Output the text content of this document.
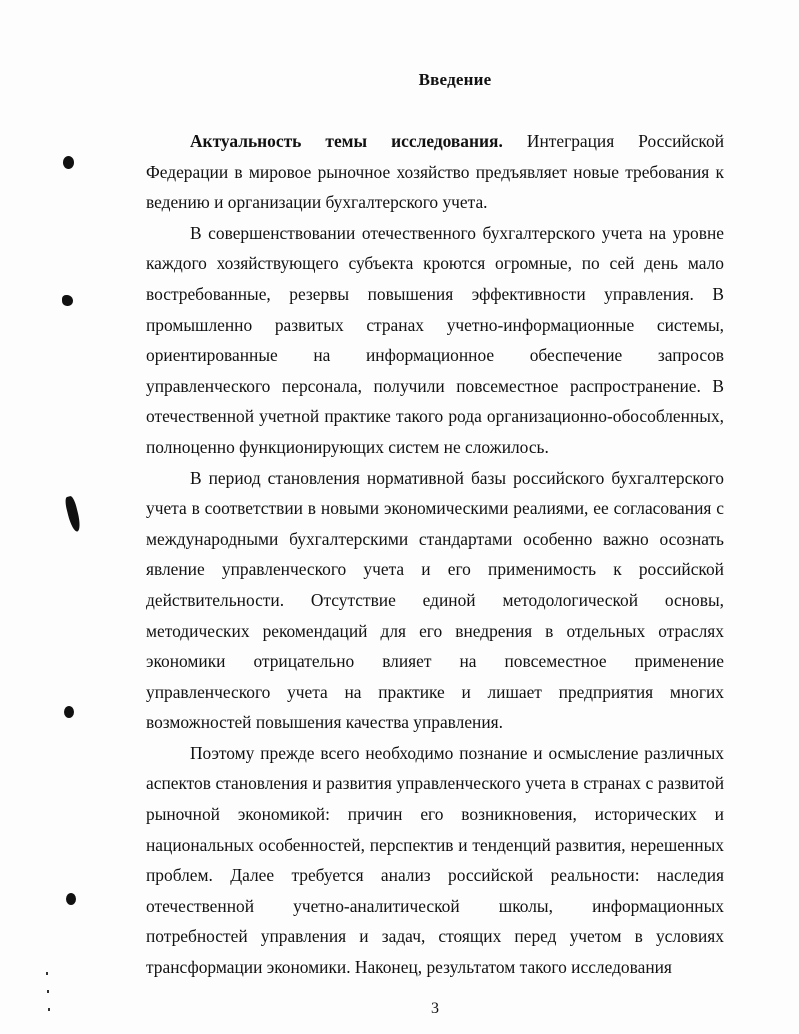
Введение

Актуальность темы исследования. Интеграция Российской Федерации в мировое рыночное хозяйство предъявляет новые требования к ведению и организации бухгалтерского учета.

В совершенствовании отечественного бухгалтерского учета на уровне каждого хозяйствующего субъекта кроются огромные, по сей день мало востребованные, резервы повышения эффективности управления. В промышленно развитых странах учетно-информационные системы, ориентированные на информационное обеспечение запросов управленческого персонала, получили повсеместное распространение. В отечественной учетной практике такого рода организационно-обособленных, полноценно функционирующих систем не сложилось.

В период становления нормативной базы российского бухгалтерского учета в соответствии в новыми экономическими реалиями, ее согласования с международными бухгалтерскими стандартами особенно важно осознать явление управленческого учета и его применимость к российской действительности. Отсутствие единой методологической основы, методических рекомендаций для его внедрения в отдельных отраслях экономики отрицательно влияет на повсеместное применение управленческого учета на практике и лишает предприятия многих возможностей повышения качества управления.

Поэтому прежде всего необходимо познание и осмысление различных аспектов становления и развития управленческого учета в странах с развитой рыночной экономикой: причин его возникновения, исторических и национальных особенностей, перспектив и тенденций развития, нерешенных проблем. Далее требуется анализ российской реальности: наследия отечественной учетно-аналитической школы, информационных потребностей управления и задач, стоящих перед учетом в условиях трансформации экономики. Наконец, результатом такого исследования

3
